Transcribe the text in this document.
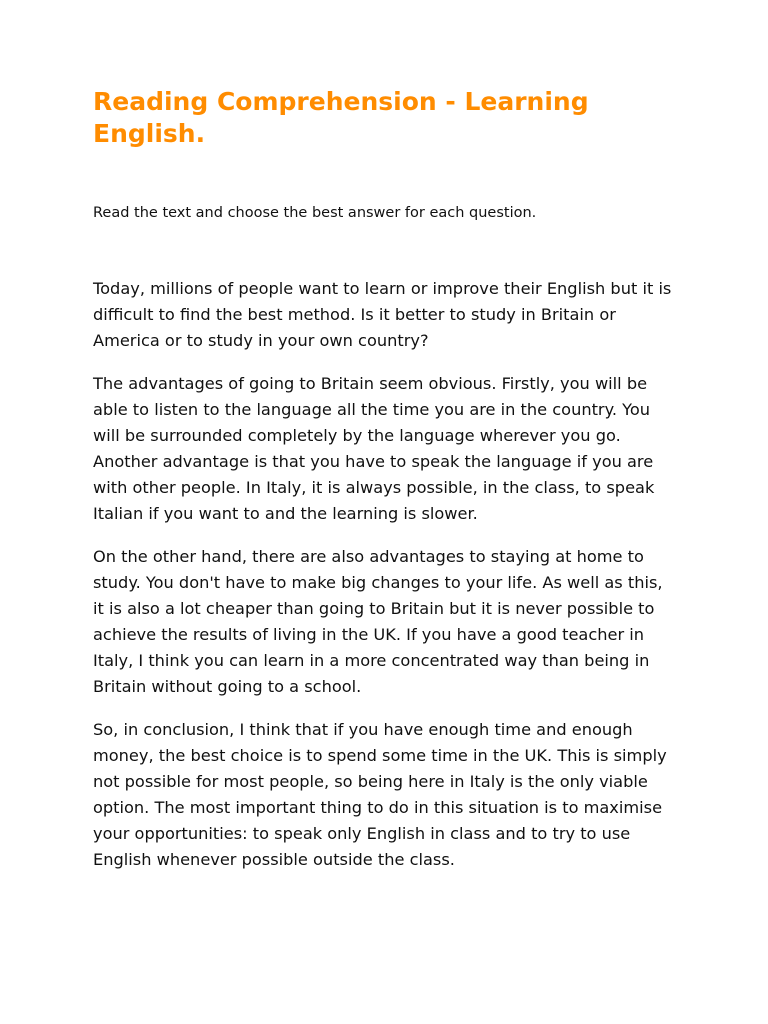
Reading Comprehension - Learning English.

Read the text and choose the best answer for each question.

Today, millions of people want to learn or improve their English but it is difficult to find the best method. Is it better to study in Britain or America or to study in your own country?

The advantages of going to Britain seem obvious. Firstly, you will be able to listen to the language all the time you are in the country. You will be surrounded completely by the language wherever you go. Another advantage is that you have to speak the language if you are with other people. In Italy, it is always possible, in the class, to speak Italian if you want to and the learning is slower.

On the other hand, there are also advantages to staying at home to study. You don't have to make big changes to your life. As well as this, it is also a lot cheaper than going to Britain but it is never possible to achieve the results of living in the UK. If you have a good teacher in Italy, I think you can learn in a more concentrated way than being in Britain without going to a school.

So, in conclusion, I think that if you have enough time and enough money, the best choice is to spend some time in the UK. This is simply not possible for most people, so being here in Italy is the only viable option. The most important thing to do in this situation is to maximise your opportunities: to speak only English in class and to try to use English whenever possible outside the class.
